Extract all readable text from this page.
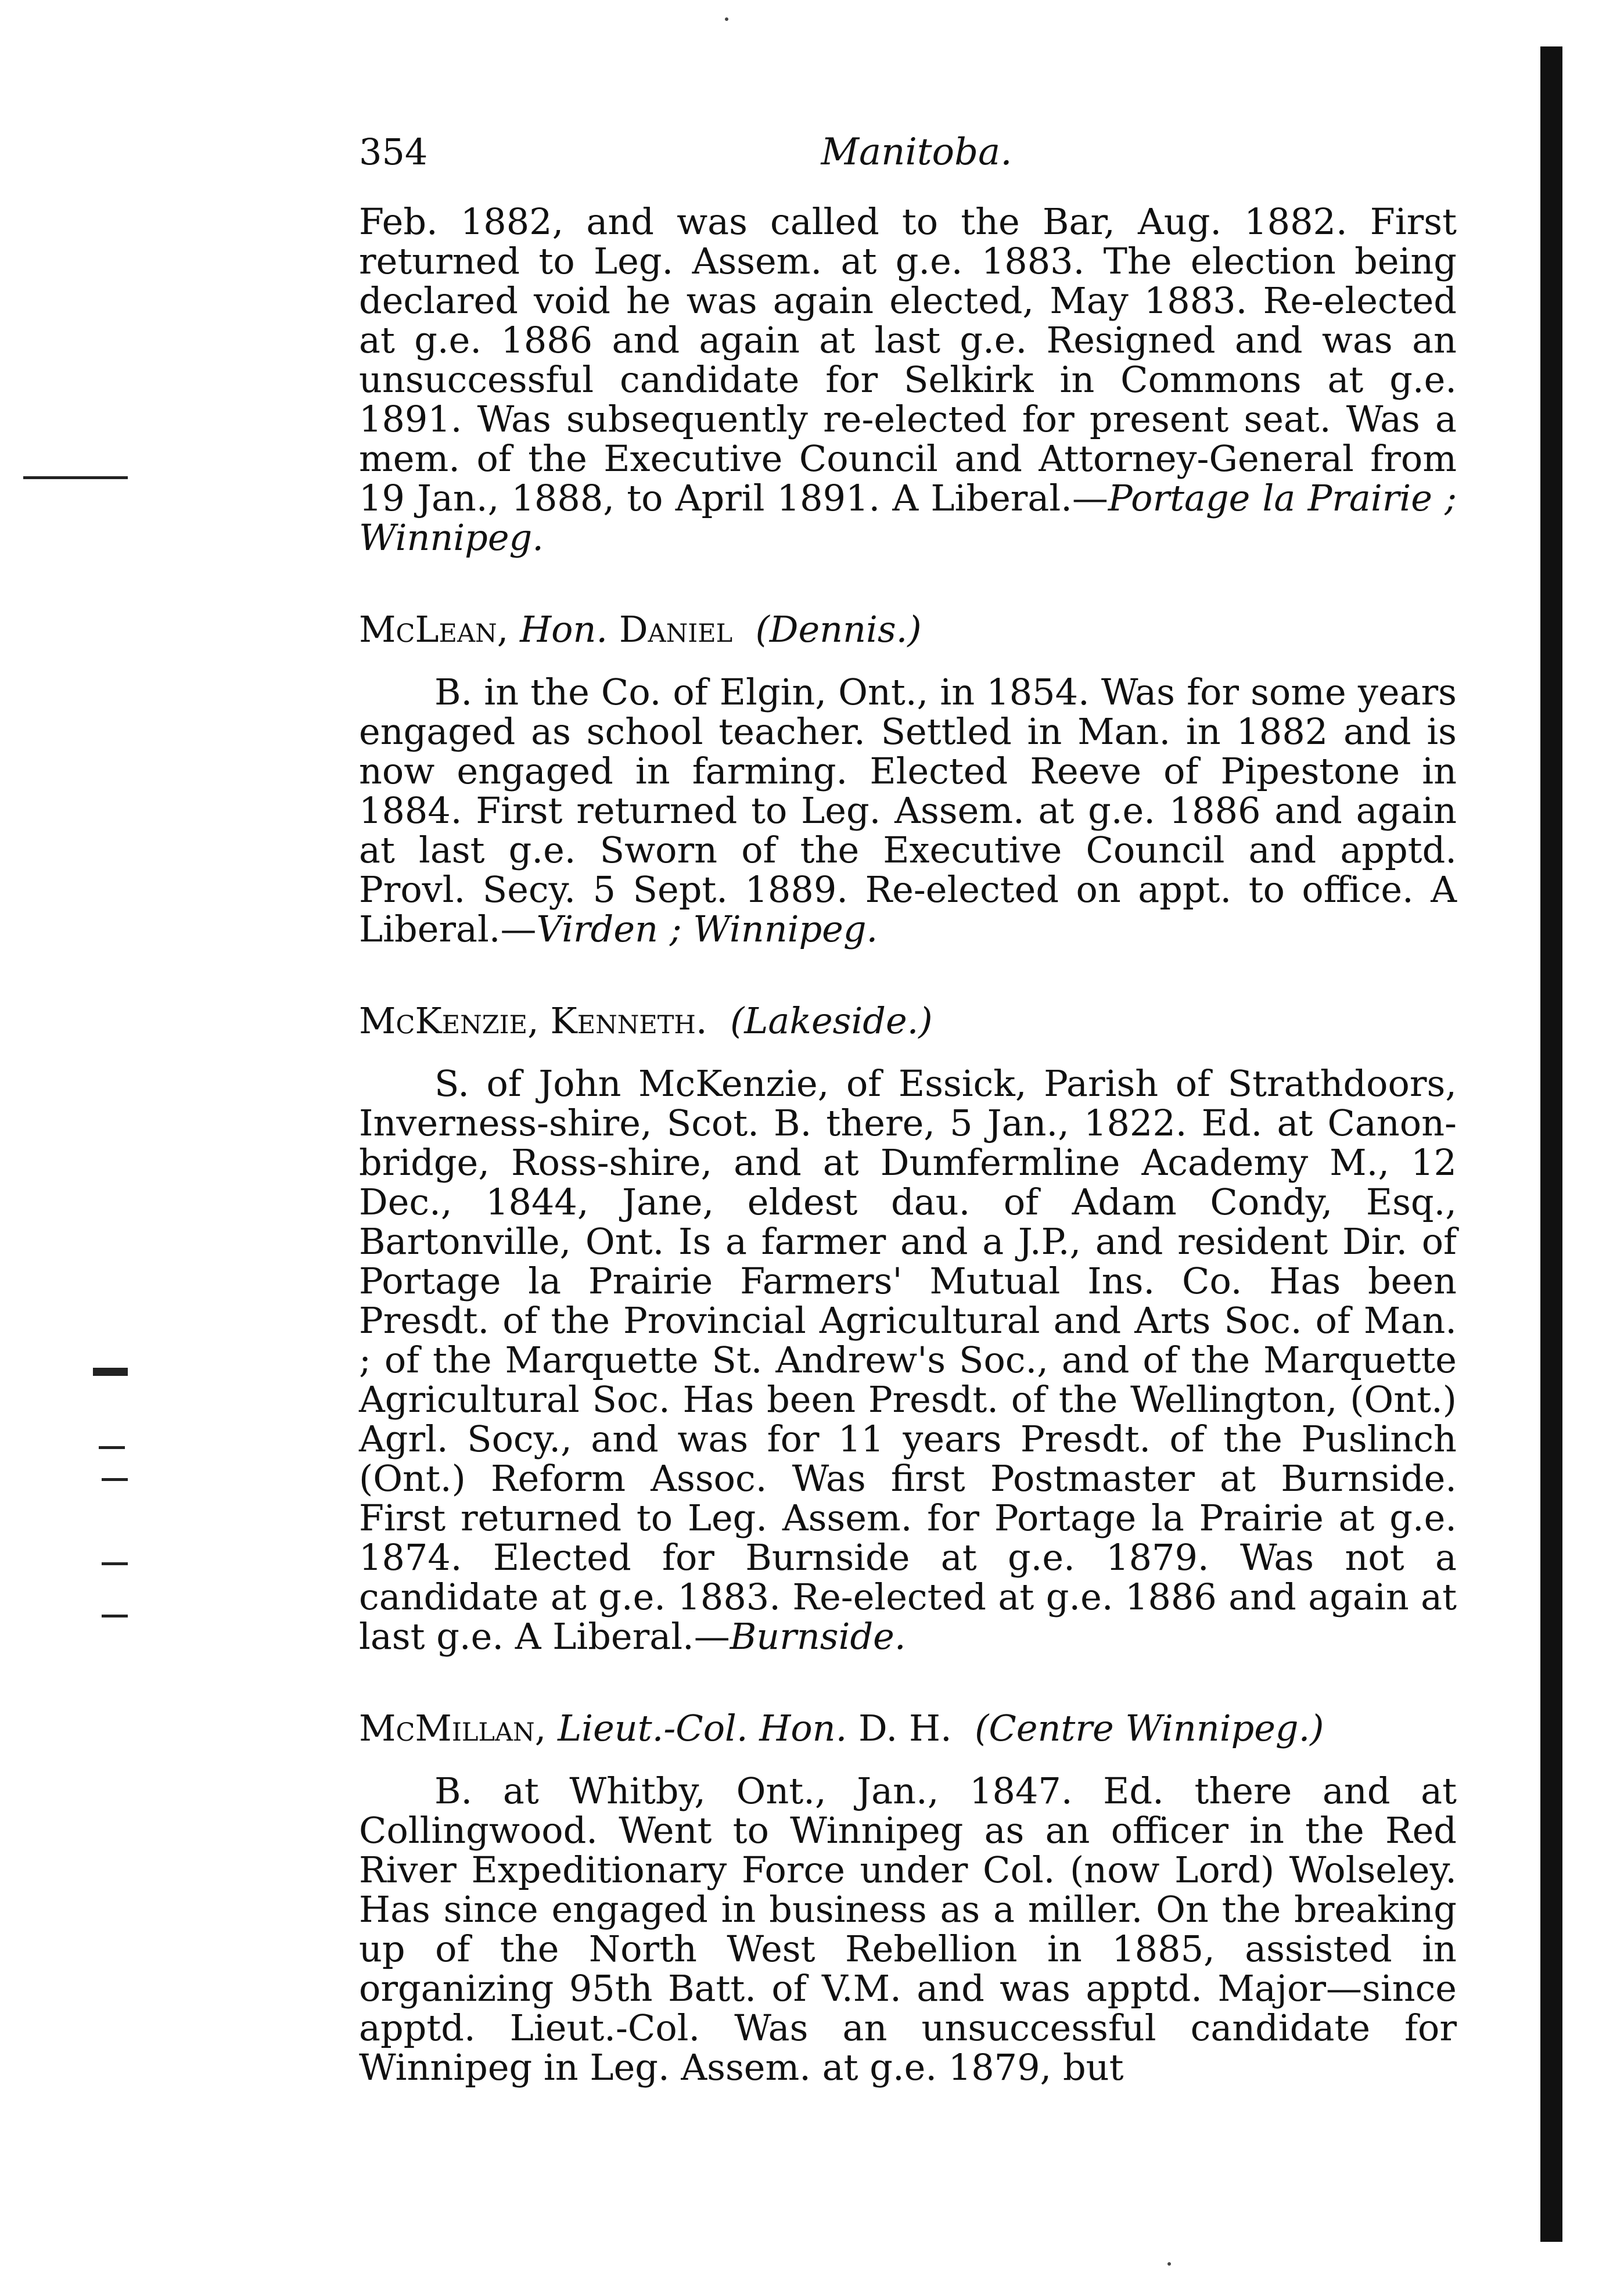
354	Manitoba.

Feb. 1882, and was called to the Bar, Aug. 1882. First returned to Leg. Assem. at g.e. 1883. The election being declared void he was again elected, May 1883. Re-elected at g.e. 1886 and again at last g.e. Resigned and was an unsuccessful candidate for Selkirk in Commons at g.e. 1891. Was subsequently re-elected for present seat. Was a mem. of the Executive Council and Attorney-General from 19 Jan., 1888, to April 1891. A Liberal.—Portage la Prairie ; Winnipeg.

McLean, Hon. Daniel (Dennis.)

B. in the Co. of Elgin, Ont., in 1854. Was for some years engaged as school teacher. Settled in Man. in 1882 and is now engaged in farming. Elected Reeve of Pipestone in 1884. First returned to Leg. Assem. at g.e. 1886 and again at last g.e. Sworn of the Executive Council and apptd. Provl. Secy. 5 Sept. 1889. Re-elected on appt. to office. A Liberal.—Virden ; Winnipeg.

McKenzie, Kenneth. (Lakeside.)

S. of John McKenzie, of Essick, Parish of Strathdoors, Inverness-shire, Scot. B. there, 5 Jan., 1822. Ed. at Canon-bridge, Ross-shire, and at Dumfermline Academy M., 12 Dec., 1844, Jane, eldest dau. of Adam Condy, Esq., Bartonville, Ont. Is a farmer and a J.P., and resident Dir. of Portage la Prairie Farmers' Mutual Ins. Co. Has been Presdt. of the Provincial Agricultural and Arts Soc. of Man. ; of the Marquette St. Andrew's Soc., and of the Marquette Agricultural Soc. Has been Presdt. of the Wellington, (Ont.) Agrl. Socy., and was for 11 years Presdt. of the Puslinch (Ont.) Reform Assoc. Was first Postmaster at Burnside. First returned to Leg. Assem. for Portage la Prairie at g.e. 1874. Elected for Burnside at g.e. 1879. Was not a candidate at g.e. 1883. Re-elected at g.e. 1886 and again at last g.e. A Liberal.—Burnside.

McMillan, Lieut.-Col. Hon. D. H. (Centre Winnipeg.)

B. at Whitby, Ont., Jan., 1847. Ed. there and at Collingwood. Went to Winnipeg as an officer in the Red River Expeditionary Force under Col. (now Lord) Wolseley. Has since engaged in business as a miller. On the breaking up of the North West Rebellion in 1885, assisted in organizing 95th Batt. of V.M. and was apptd. Major—since apptd. Lieut.-Col. Was an unsuccessful candidate for Winnipeg in Leg. Assem. at g.e. 1879, but
